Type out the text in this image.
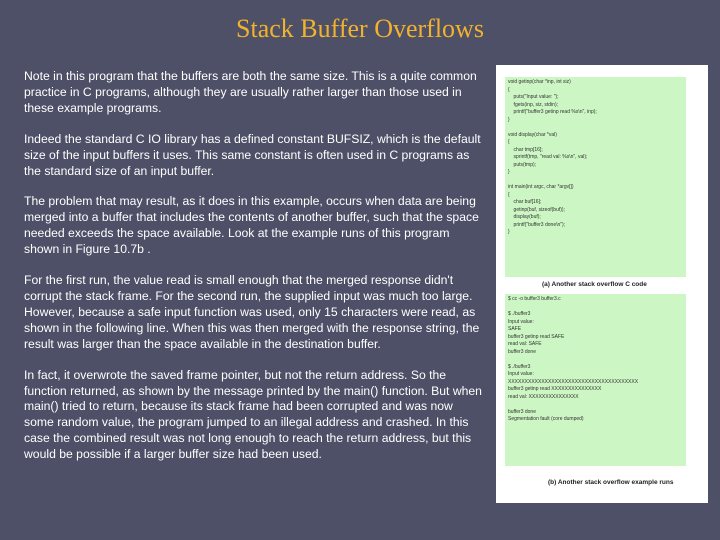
Stack Buffer Overflows

Note in this program that the buffers are both the same size. This is a quite common practice in C programs, although they are usually rather larger than those used in these example programs.

Indeed the standard C IO library has a defined constant BUFSIZ, which is the default size of the input buffers it uses. This same constant is often used in C programs as the standard size of an input buffer.

The problem that may result, as it does in this example, occurs when data are being merged into a buffer that includes the contents of another buffer, such that the space needed exceeds the space available. Look at the example runs of this program shown in Figure 10.7b .

For the first run, the value read is small enough that the merged response didn't corrupt the stack frame. For the second run, the supplied input was much too large. However, because a safe input function was used, only 15 characters were read, as shown in the following line. When this was then merged with the response string, the result was larger than the space available in the destination buffer.

In fact, it overwrote the saved frame pointer, but not the return address. So the function returned, as shown by the message printed by the main() function. But when main() tried to return, because its stack frame had been corrupted and was now some random value, the program jumped to an illegal address and crashed. In this case the combined result was not long enough to reach the return address, but this would be possible if a larger buffer size had been used.

void getinp(char *inp, int siz)
{
puts("Input value: ");
fgets(inp, siz, stdin);
printf("buffer3 getinp read %s\n", inp);
}

void display(char *val)
{
char tmp[16];
sprintf(tmp, "read val: %s\n", val);
puts(tmp);
}

int main(int argc, char *argv[])
{
char buf[16];
getinp(buf, sizeof(buf));
display(buf);
printf("buffer3 done\n");
}
(a) Another stack overflow C code
$ cc -o buffer3 buffer3.c

$ ./buffer3
Input value:
SAFE
buffer3 getinp read SAFE
read val: SAFE
buffer3 done

$ ./buffer3
Input value:
XXXXXXXXXXXXXXXXXXXXXXXXXXXXXXXXXXXXXXX
buffer3 getinp read XXXXXXXXXXXXXXX
read val: XXXXXXXXXXXXXXX

buffer3 done
Segmentation fault (core dumped)
(b) Another stack overflow example runs
